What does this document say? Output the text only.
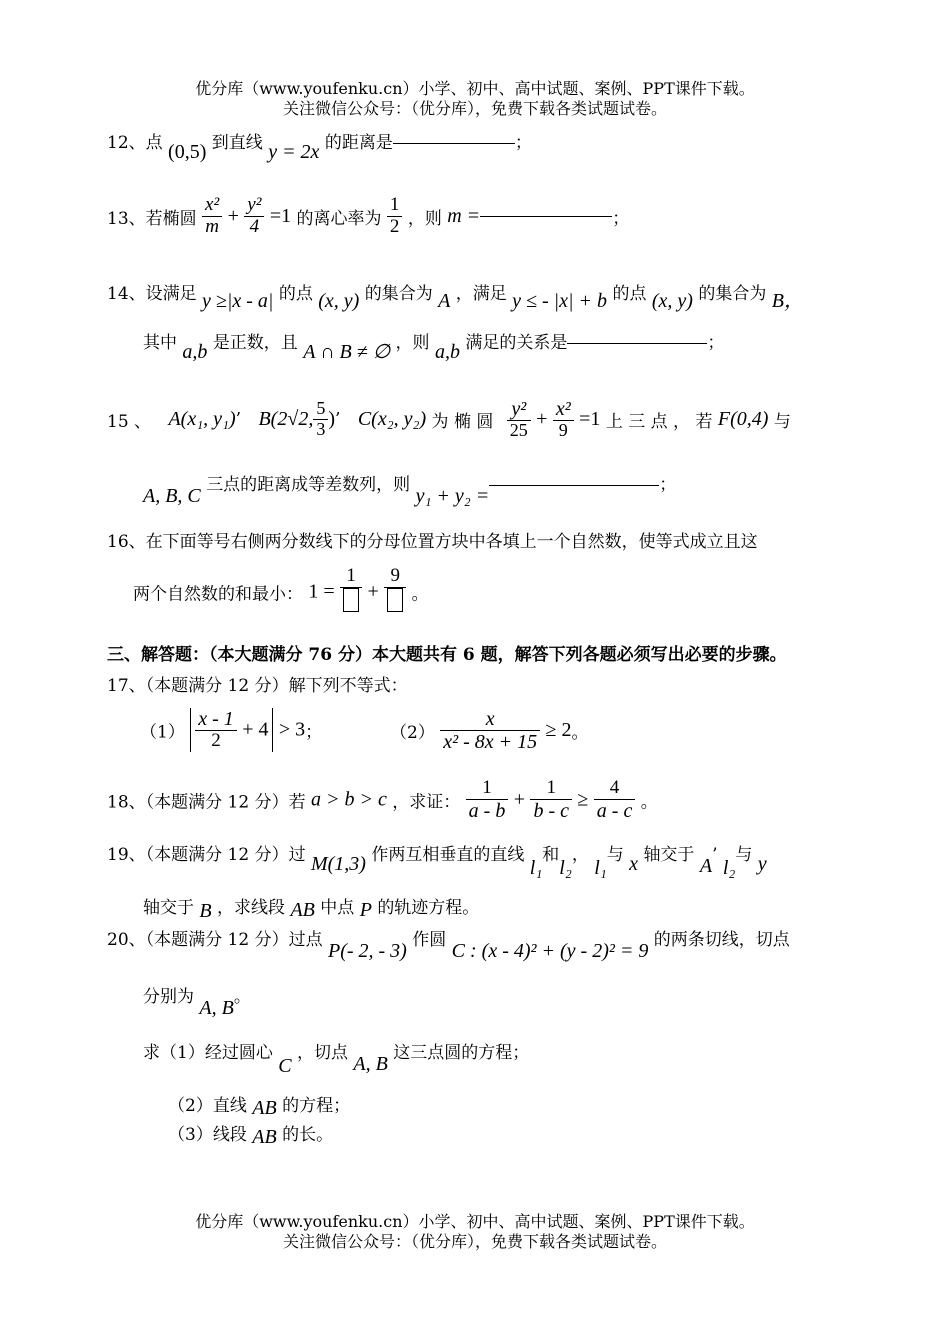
优分库（www.youfenku.cn）小学、初中、高中试题、案例、PPT课件下载。
关注微信公众号：（优分库），免费下载各类试题试卷。
12、点 (0,5) 到直线 y = 2x 的距离是	；
13、若椭圆 $\frac{\text{x²}}{m} + \frac{\text{y²}}{4} =1$ 的离心率为 $\frac{1}{2}$ ，则 m =	；
14、设满足 y ≥|x - a| 的点 (x, y) 的集合为 A ，满足 y ≤ - |x| + b 的点 (x, y) 的集合为 B，
其中 a,b 是正数，且 A ∩ B ≠ ∅ ，则 a,b 满足的关系是	；
15 、 A(x₁, y₁)’ B(2√2, $\frac{5}{3}$ )’ C(x₂, y₂) 为 椭 圆 $\frac{\text{y²}}{25} + \frac{\text{x²}}{9} =1$ 上 三 点 ， 若 F(0,4) 与
A, B, C 三点的距离成等差数列，则 y₁ + y₂ =	；
16、在下面等号右侧两分数线下的分母位置方块中各填上一个自然数，使等式成立且这
两个自然数的和最小： 1 =
1
+
9
。
三、解答题：（本大题满分 76 分）本大题共有 6 题，解答下列各题必须写出必要的步骤。
17、（本题满分 12 分）解下列不等式：
$(1) \frac{x - 1}{2} + 4 > 3$；	$(2) \frac{x}{\text{x² - 8x + 15}} \ge 2$。
18、（本题满分 12 分）若 a > b > c ，求证： $\frac{1}{a - b} + \frac{1}{b - c} \ge \frac{4}{a - c}$ 。
19、（本题满分 12 分）过 M(1,3) 作两互相垂直的直线 l₁和l₂， l₁与 x 轴交于 A’ l₂与 y
轴交于 B ，求线段 AB 中点 P 的轨迹方程。
20、（本题满分 12 分）过点 P(- 2, - 3) 作圆 C : (x - 4)² + (y - 2)² = 9 的两条切线，切点
分别为 A, B。
求（1）经过圆心 C ，切点 A, B 这三点圆的方程；
（2）直线 AB 的方程；
（3）线段 AB 的长。
优分库（www.youfenku.cn）小学、初中、高中试题、案例、PPT课件下载。
关注微信公众号：（优分库），免费下载各类试题试卷。
